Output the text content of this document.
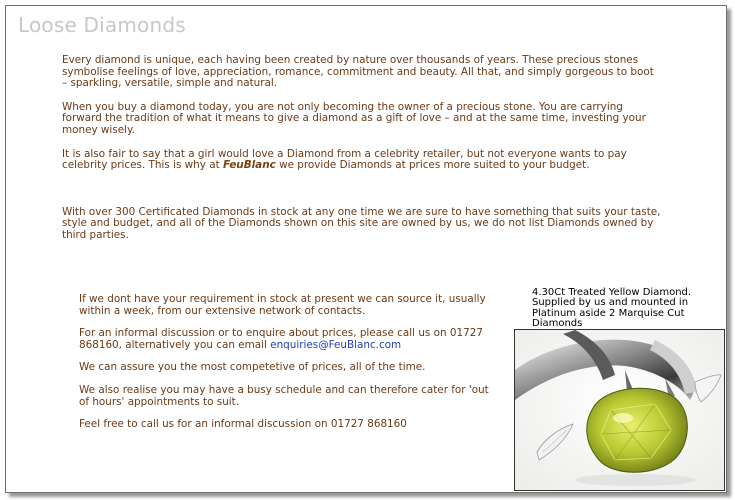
Loose Diamonds

Every diamond is unique, each having been created by nature over thousands of years. These precious stones symbolise feelings of love, appreciation, romance, commitment and beauty. All that, and simply gorgeous to boot – sparkling, versatile, simple and natural.

When you buy a diamond today, you are not only becoming the owner of a precious stone. You are carrying forward the tradition of what it means to give a diamond as a gift of love – and at the same time, investing your money wisely.

It is also fair to say that a girl would love a Diamond from a celebrity retailer, but not everyone wants to pay celebrity prices. This is why at FeuBlanc we provide Diamonds at prices more suited to your budget.

With over 300 Certificated Diamonds in stock at any one time we are sure to have something that suits your taste, style and budget, and all of the Diamonds shown on this site are owned by us, we do not list Diamonds owned by third parties.

If we dont have your requirement in stock at present we can source it, usually within a week, from our extensive network of contacts.

For an informal discussion or to enquire about prices, please call us on 01727 868160, alternatively you can email enquiries@FeuBlanc.com

We can assure you the most competetive of prices, all of the time.

We also realise you may have a busy schedule and can therefore cater for 'out of hours' appointments to suit.

Feel free to call us for an informal discussion on 01727 868160

4.30Ct Treated Yellow Diamond. Supplied by us and mounted in Platinum aside 2 Marquise Cut Diamonds
